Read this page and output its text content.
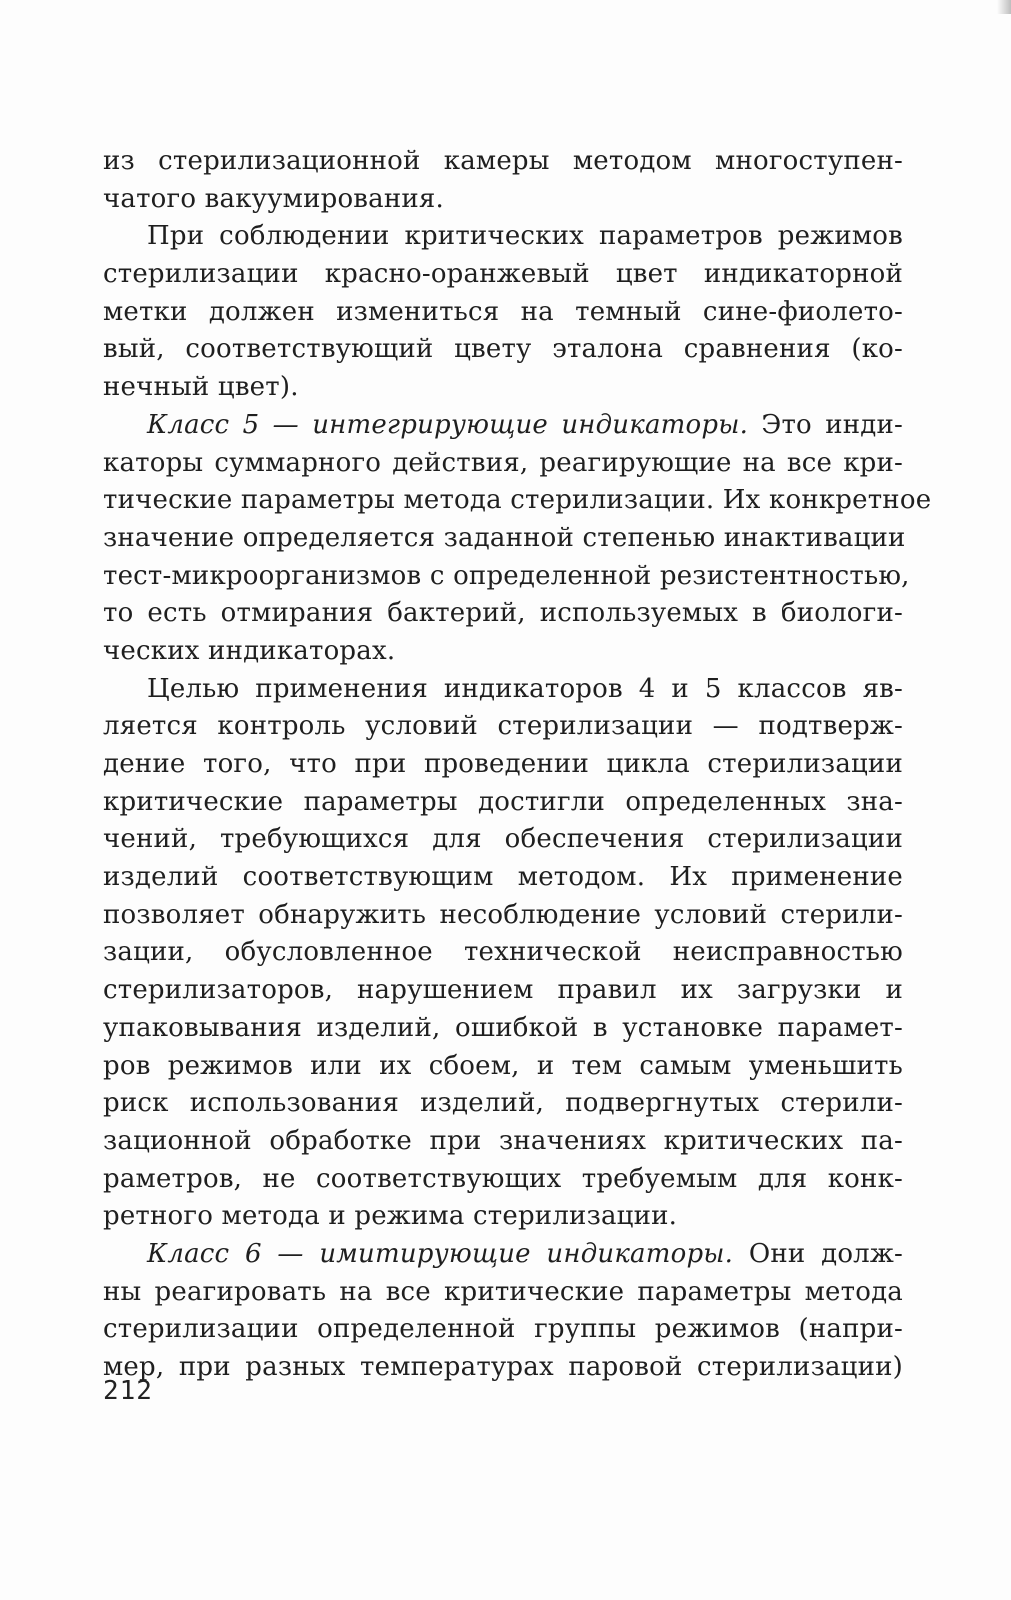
из стерилизационной камеры методом многоступен-
чатого вакуумирования.
При соблюдении критических параметров режимов
стерилизации красно-оранжевый цвет индикаторной
метки должен измениться на темный сине-фиолето-
вый, соответствующий цвету эталона сравнения (ко-
нечный цвет).
Класс 5 — интегрирующие индикаторы. Это инди-
каторы суммарного действия, реагирующие на все кри-
тические параметры метода стерилизации. Их конкретное
значение определяется заданной степенью инактивации
тест-микроорганизмов с определенной резистентностью,
то есть отмирания бактерий, используемых в биологи-
ческих индикаторах.
Целью применения индикаторов 4 и 5 классов яв-
ляется контроль условий стерилизации — подтверж-
дение того, что при проведении цикла стерилизации
критические параметры достигли определенных зна-
чений, требующихся для обеспечения стерилизации
изделий соответствующим методом. Их применение
позволяет обнаружить несоблюдение условий стерили-
зации, обусловленное технической неисправностью
стерилизаторов, нарушением правил их загрузки и
упаковывания изделий, ошибкой в установке парамет-
ров режимов или их сбоем, и тем самым уменьшить
риск использования изделий, подвергнутых стерили-
зационной обработке при значениях критических па-
раметров, не соответствующих требуемым для конк-
ретного метода и режима стерилизации.
Класс 6 — имитирующие индикаторы. Они долж-
ны реагировать на все критические параметры метода
стерилизации определенной группы режимов (напри-
мер, при разных температурах паровой стерилизации)
212
